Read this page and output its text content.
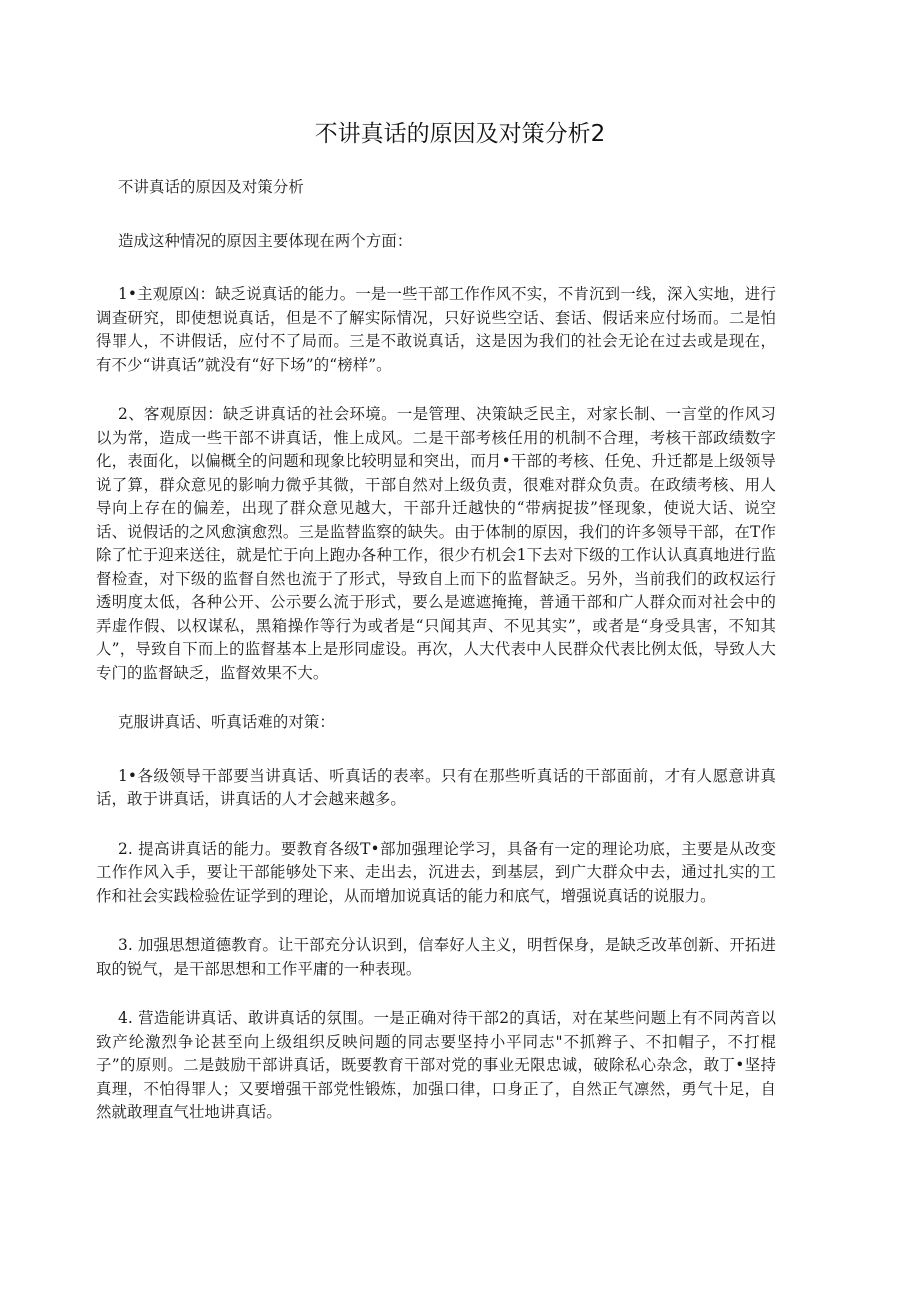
不讲真话的原因及对策分析2

不讲真话的原因及对策分析

造成这种情况的原因主要体现在两个方面：

1•主观原凶：缺乏说真话的能力。一是一些干部工作作风不实，不肯沉到一线，深入实地，进行调查研究，即使想说真话，但是不了解实际情况，只好说些空话、套话、假话来应付场而。二是怕得罪人，不讲假话，应付不了局而。三是不敢说真话，这是因为我们的社会无论在过去或是现在，有不少“讲真话”就没有“好下场”的“榜样”。

2、客观原因：缺乏讲真话的社会环境。一是管理、决策缺乏民主，对家长制、一言堂的作风习以为常，造成一些干部不讲真话，惟上成风。二是干部考核任用的机制不合理，考核干部政绩数字化，表面化，以偏概全的问题和现象比较明显和突出，而月•干部的考核、任免、升迁都是上级领导说了算，群众意见的影响力微乎其微，干部自然对上级负责，很难对群众负责。在政绩考核、用人导向上存在的偏差，出现了群众意见越大，干部升迁越快的“带病捉拔”怪现象，使说大话、说空话、说假话的之风愈演愈烈。三是监替监察的缺失。由于体制的原因，我们的许多领导干部，在T作除了忙于迎来送往，就是忙于向上跑办各种工作，很少冇机会1下去对下级的工作认认真真地进行监督检查，对下级的监督自然也流于了形式，导致自上而下的监督缺乏。另外，当前我们的政权运行透明度太低，各种公开、公示要么流于形式，要么是遮遮掩掩，普通干部和广人群众而对社会中的弄虚作假、以权谋私，黑箱操作等行为或者是“只闻其声、不见其实”，或者是“身受具害，不知其人”，导致自下而上的监督基本上是形同虚设。再次，人大代表中人民群众代表比例太低，导致人大专门的监督缺乏，监督效果不大。

克服讲真话、听真话难的对策：

1•各级领导干部要当讲真话、听真话的表率。只有在那些听真话的干部面前，才有人愿意讲真话，敢于讲真话，讲真话的人才会越来越多。

2. 提高讲真话的能力。要教育各级T•部加强理论学习，具备有一定的理论功底，主要是从改变工作作风入手，要让干部能够处下来、走出去，沉进去，到基层，到广大群众中去，通过扎实的工作和社会实践检验佐证学到的理论，从而增加说真话的能力和底气，增强说真话的说服力。

3. 加强思想道德教育。让干部充分认识到，信奉好人主义，明哲保身，是缺乏改革创新、开拓进取的锐气，是干部思想和工作平庸的一种表现。

4. 营造能讲真话、敢讲真话的氛围。一是正确对待干部2的真话，对在某些问题上有不同芮音以致产纶激烈争论甚至向上级组织反映问题的同志要坚持小平同志"不抓辫子、不扣帽子，不打棍子”的原则。二是鼓励干部讲真话，既要教育干部对党的事业无限忠诚，破除私心杂念，敢丁•坚持真理，不怕得罪人；又要增强干部党性锻炼，加强口律，口身正了，自然正气凛然，勇气十足，自然就敢理直气壮地讲真话。
